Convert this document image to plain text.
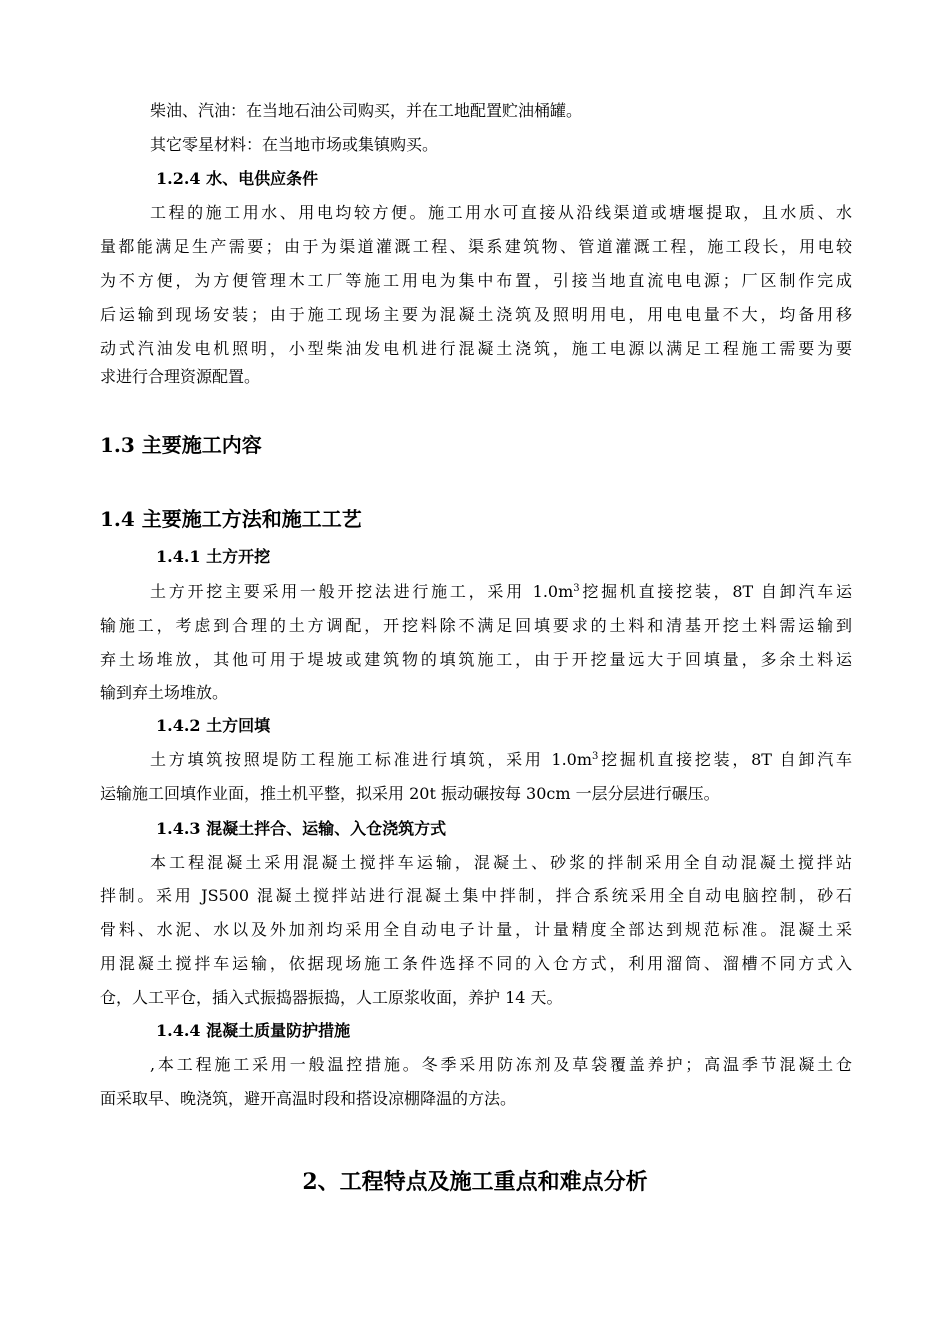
柴油、汽油：在当地石油公司购买，并在工地配置贮油桶罐。
其它零星材料：在当地市场或集镇购买。
1.2.4 水、电供应条件
工程的施工用水、用电均较方便。施工用水可直接从沿线渠道或塘堰提取，且水质、水
量都能满足生产需要；由于为渠道灌溉工程、渠系建筑物、管道灌溉工程，施工段长，用电较
为不方便，为方便管理木工厂等施工用电为集中布置，引接当地直流电电源；厂区制作完成
后运输到现场安装；由于施工现场主要为混凝土浇筑及照明用电，用电电量不大，均备用移
动式汽油发电机照明，小型柴油发电机进行混凝土浇筑，施工电源以满足工程施工需要为要
求进行合理资源配置。
1.3 主要施工内容
1.4 主要施工方法和施工工艺
1.4.1 土方开挖
土方开挖主要采用一般开挖法进行施工，采用 $1.0m^3$挖掘机直接挖装，8T 自卸汽车运
输施工，考虑到合理的土方调配，开挖料除不满足回填要求的土料和清基开挖土料需运输到
弃土场堆放，其他可用于堤坡或建筑物的填筑施工，由于开挖量远大于回填量，多余土料运
输到弃土场堆放。
1.4.2 土方回填
土方填筑按照堤防工程施工标准进行填筑，采用 $1.0m^3$挖掘机直接挖装，8T 自卸汽车
运输施工回填作业面，推土机平整，拟采用 20t 振动碾按每 30cm 一层分层进行碾压。
1.4.3 混凝土拌合、运输、入仓浇筑方式
本工程混凝土采用混凝土搅拌车运输，混凝土、砂浆的拌制采用全自动混凝土搅拌站
拌制。采用 JS500 混凝土搅拌站进行混凝土集中拌制，拌合系统采用全自动电脑控制，砂石
骨料、水泥、水以及外加剂均采用全自动电子计量，计量精度全部达到规范标准。混凝土采
用混凝土搅拌车运输，依据现场施工条件选择不同的入仓方式，利用溜筒、溜槽不同方式入
仓，人工平仓，插入式振捣器振捣，人工原浆收面，养护 14 天。
1.4.4 混凝土质量防护措施
,本工程施工采用一般温控措施。冬季采用防冻剂及草袋覆盖养护；高温季节混凝土仓
面采取早、晚浇筑，避开高温时段和搭设凉棚降温的方法。
2、工程特点及施工重点和难点分析
